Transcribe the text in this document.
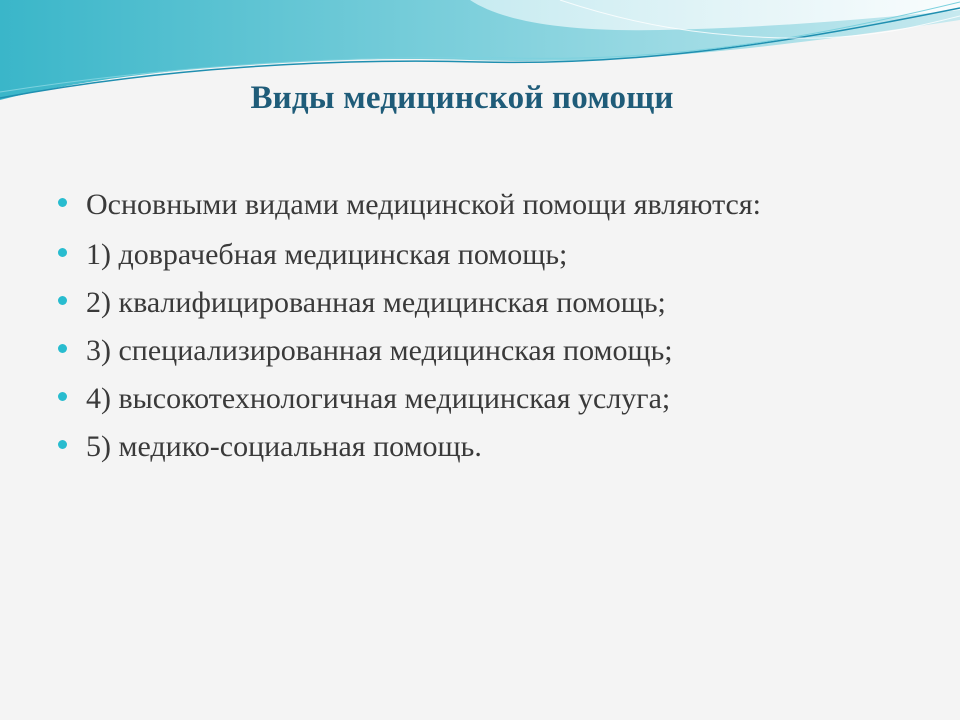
Виды медицинской помощи
Основными видами медицинской помощи являются:
1) доврачебная медицинская помощь;
2) квалифицированная медицинская помощь;
3) специализированная медицинская помощь;
4) высокотехнологичная медицинская услуга;
5) медико-социальная помощь.
